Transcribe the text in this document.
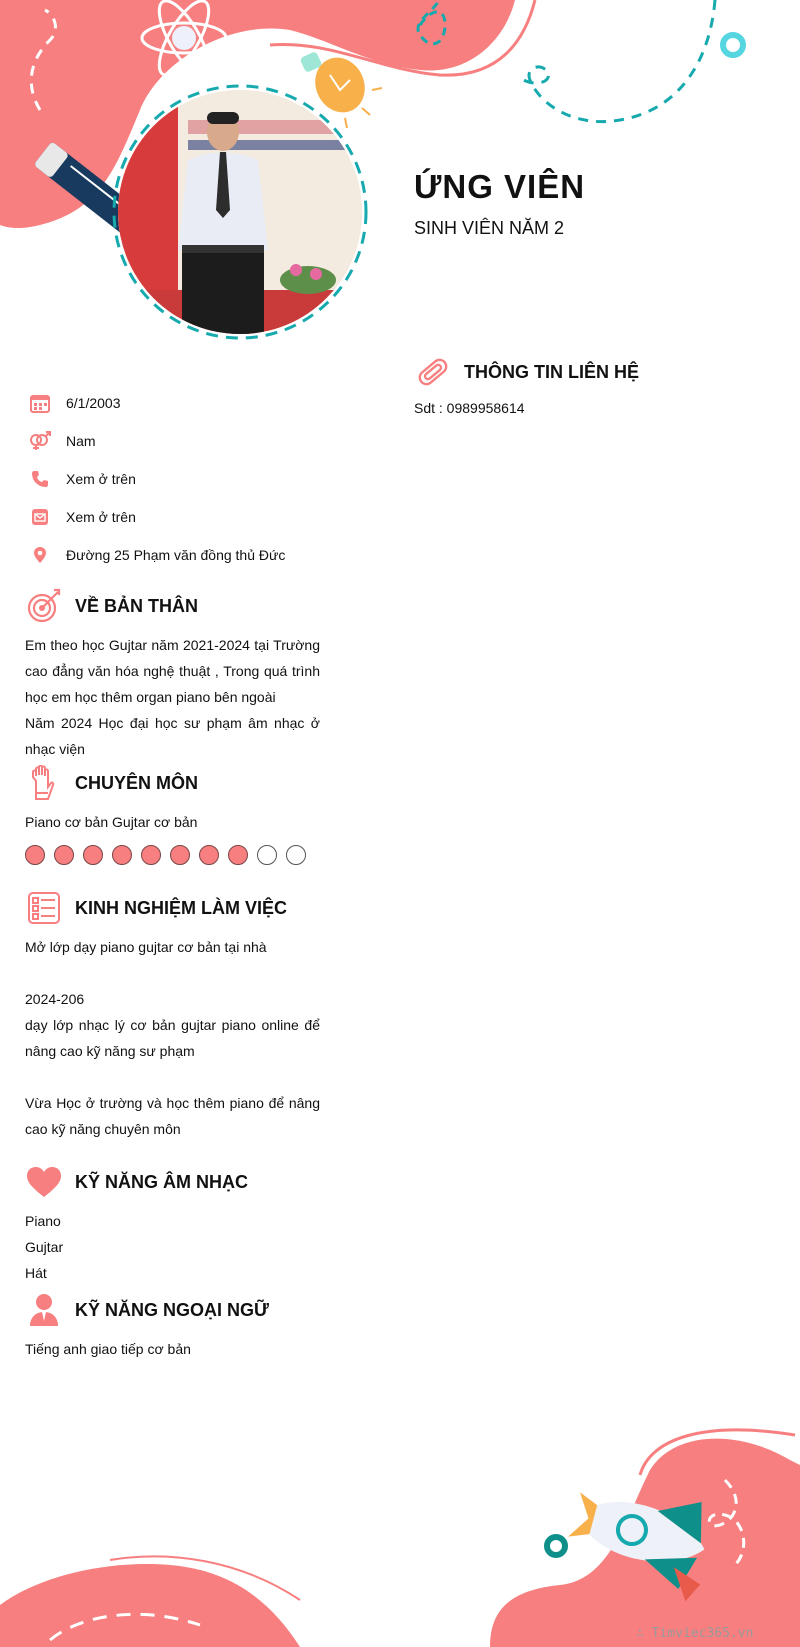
ỨNG VIÊN
SINH VIÊN NĂM 2
6/1/2003
Nam
Xem ở trên
Xem ở trên
Đường 25 Phạm văn đồng thủ Đức
THÔNG TIN LIÊN HỆ
Sdt : 0989958614
VỀ BẢN THÂN
Em theo học Gujtar năm 2021-2024 tại Trường cao đẳng văn hóa nghệ thuật , Trong quá trình học em học thêm organ piano bên ngoài
Năm 2024 Học đại học sư phạm âm nhạc ở nhạc viện
CHUYÊN MÔN
Piano cơ bản Gujtar cơ bản
KINH NGHIỆM LÀM VIỆC
Mở lớp dạy piano gujtar cơ bản tại nhà

2024-206
dạy lớp nhạc lý cơ bản gujtar piano online để nâng cao kỹ năng sư phạm

Vừa Học ở trường và học thêm piano để nâng cao kỹ năng chuyên môn
KỸ NĂNG ÂM NHẠC
Piano
Gujtar
Hát
KỸ NĂNG NGOẠI NGỮ
Tiếng anh giao tiếp cơ bản
∴ Timviec365.vn
